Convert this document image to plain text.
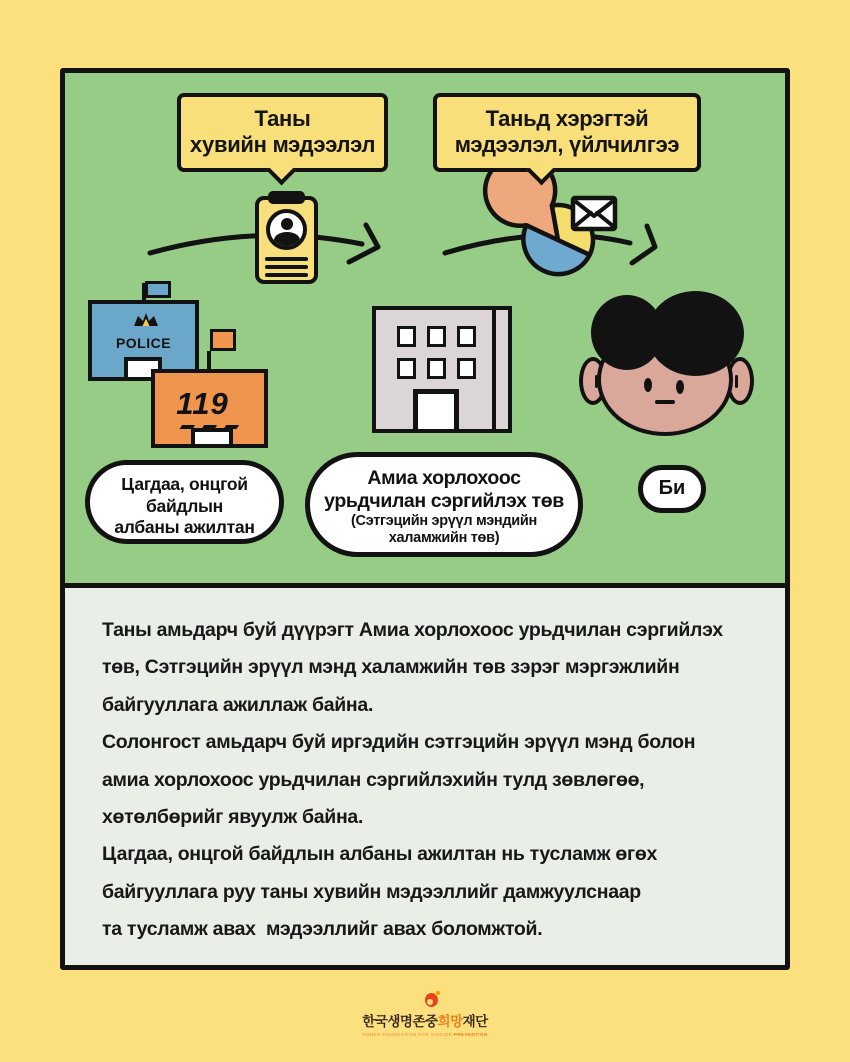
POLICE
119
Цагдаа, онцгой
байдлын
албаны ажилтан
Амиа хорлохоос
урьдчилан сэргийлэх төв
(Сэтгэцийн эрүүл мэндийн
халамжийн төв)
Би
Таны
хувийн мэдээлэл
Таньд хэрэгтэй
мэдээлэл, үйлчилгээ
Таны амьдарч буй дүүрэгт Амиа хорлохоос урьдчилан сэргийлэх
төв, Сэтгэцийн эрүүл мэнд халамжийн төв зэрэг мэргэжлийн
байгууллага ажиллаж байна.
Солонгост амьдарч буй иргэдийн сэтгэцийн эрүүл мэнд болон
амиа хорлохоос урьдчилан сэргийлэхийн тулд зөвлөгөө,
хөтөлбөрийг явуулж байна.
Цагдаа, онцгой байдлын албаны ажилтан нь тусламж өгөх
байгууллага руу таны хувийн мэдээллийг дамжуулснаар
та тусламж авах  мэдээллийг авах боломжтой.
한국생명존중희망재단
KOREA FOUNDATION FOR SUICIDE PREVENTION
